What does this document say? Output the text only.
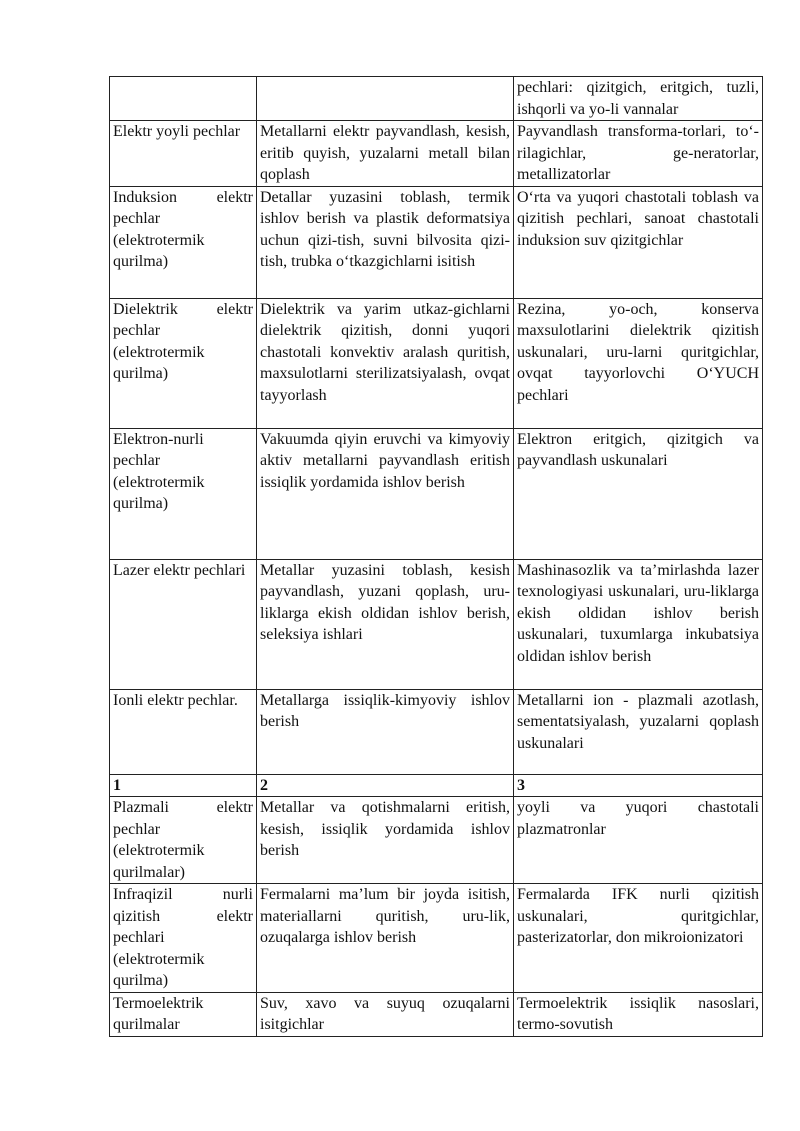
		pechlari: qizitgich, eritgich, tuzli, ishqorli va yo-li vannalar
Elektr yoyli pechlar	Metallarni elektr payvandlash, kesish, eritib quyish, yuzalarni metall bilan qoplash	Payvandlash transforma-torlari, to‘-rilagichlar, ge-neratorlar, metallizatorlar
Induksion elektr pechlar (elektrotermik qurilma)	Detallar yuzasini toblash, termik ishlov berish va plastik deformatsiya uchun qizi-tish, suvni bilvosita qizi-tish, trubka o‘tkazgichlarni isitish	O‘rta va yuqori chastotali toblash va qizitish pechlari, sanoat chastotali induksion suv qizitgichlar
Dielektrik elektr pechlar (elektrotermik qurilma)	Dielektrik va yarim utkaz-gichlarni dielektrik qizitish, donni yuqori chastotali konvektiv aralash quritish, maxsulotlarni sterilizatsiyalash, ovqat tayyorlash	Rezina, yo-och, konserva maxsulotlarini dielektrik qizitish uskunalari, uru-larni quritgichlar, ovqat tayyorlovchi O‘YUCH pechlari
Elektron-nurli pechlar (elektrotermik qurilma)	Vakuumda qiyin eruvchi va kimyoviy aktiv metallarni payvandlash eritish issiqlik yordamida ishlov berish	Elektron eritgich, qizitgich va payvandlash uskunalari
Lazer elektr pechlari	Metallar yuzasini toblash, kesish payvandlash, yuzani qoplash, uru-liklarga ekish oldidan ishlov berish, seleksiya ishlari	Mashinasozlik va ta’mirlashda lazer texnologiyasi uskunalari, uru-liklarga ekish oldidan ishlov berish uskunalari, tuxumlarga inkubatsiya oldidan ishlov berish
Ionli elektr pechlar.	Metallarga issiqlik-kimyoviy ishlov berish	Metallarni ion - plazmali azotlash, sementatsiyalash, yuzalarni qoplash uskunalari
1	2	3
Plazmali elektr pechlar (elektrotermik qurilmalar)	Metallar va qotishmalarni eritish, kesish, issiqlik yordamida ishlov berish	yoyli va yuqori chastotali plazmatronlar
Infraqizil nurli qizitish elektr pechlari (elektrotermik qurilma)	Fermalarni ma’lum bir joyda isitish, materiallarni quritish, uru-lik, ozuqalarga ishlov berish	Fermalarda IFK nurli qizitish uskunalari, quritgichlar, pasterizatorlar, don mikroionizatori
Termoelektrik qurilmalar	Suv, xavo va suyuq ozuqalarni isitgichlar	Termoelektrik issiqlik nasoslari, termo-sovutish
